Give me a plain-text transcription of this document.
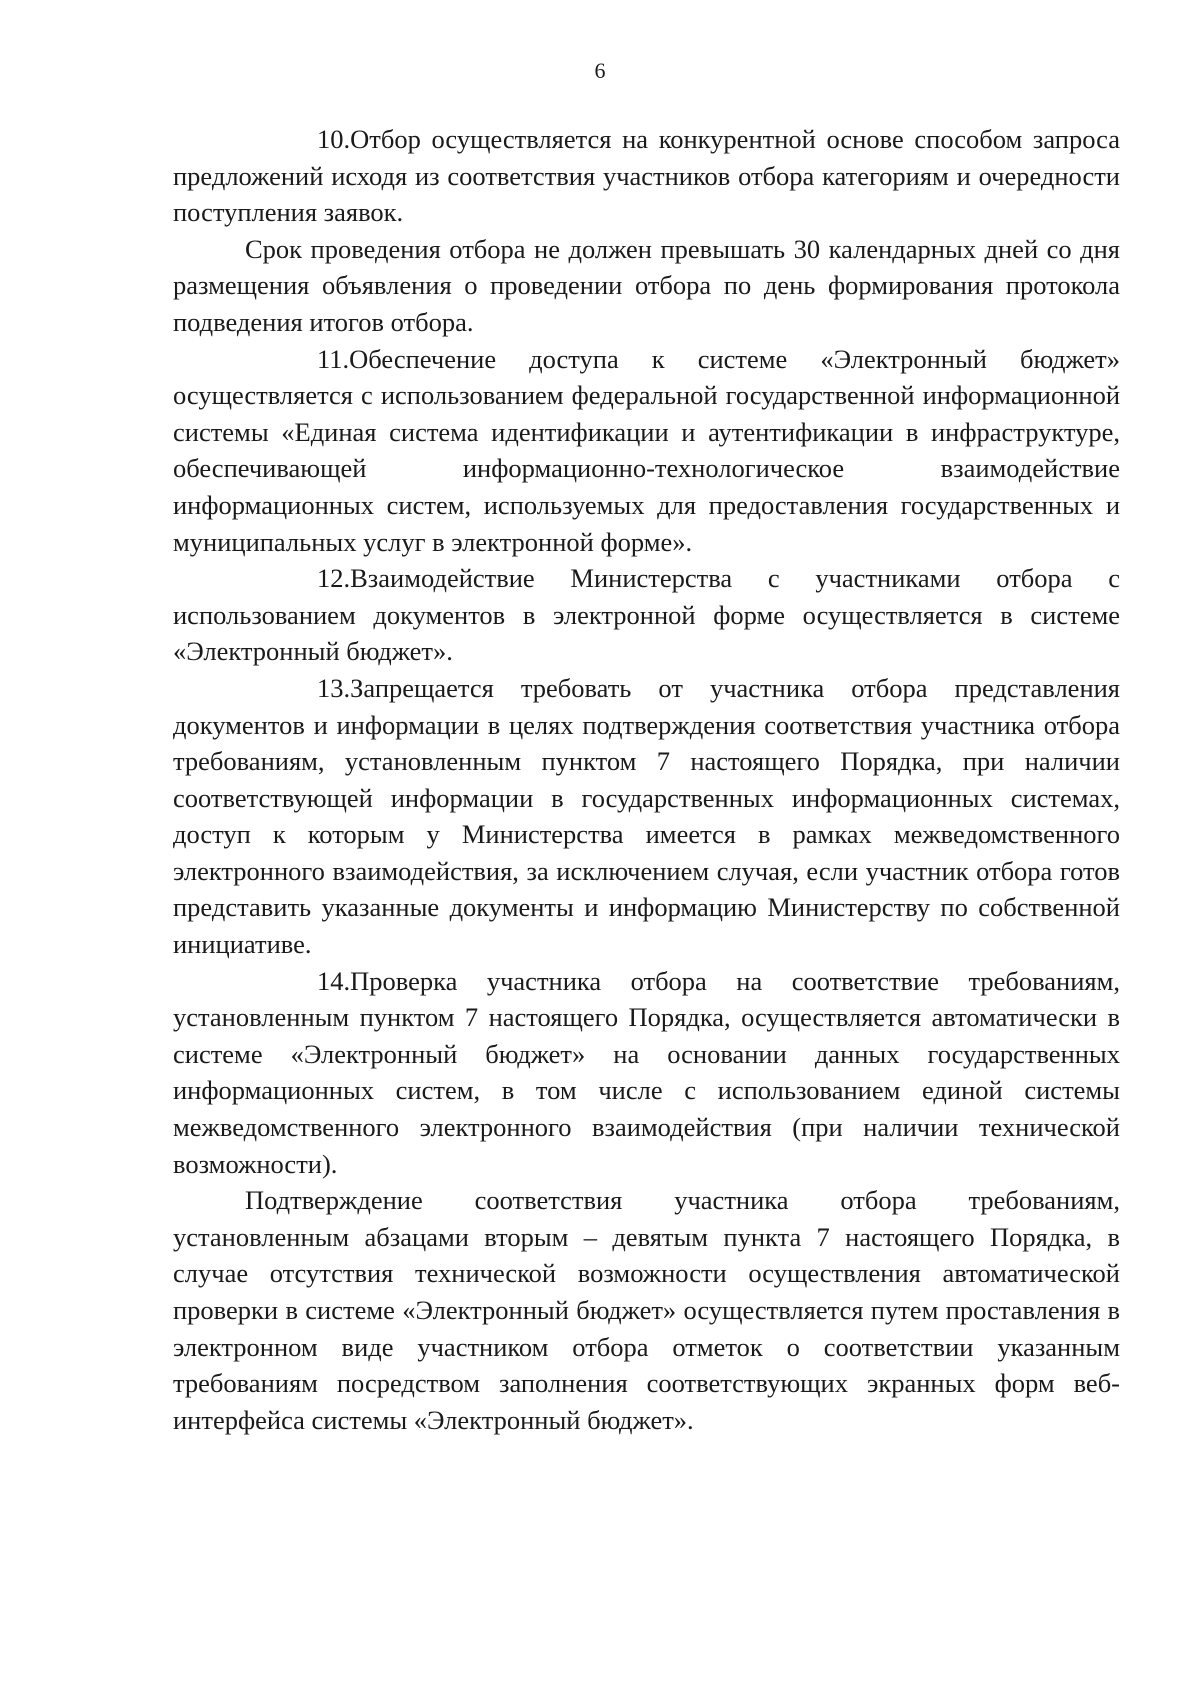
6

10.Отбор осуществляется на конкурентной основе способом запроса предложений исходя из соответствия участников отбора категориям и очередности поступления заявок.

Срок проведения отбора не должен превышать 30 календарных дней со дня размещения объявления о проведении отбора по день формирования протокола подведения итогов отбора.

11.Обеспечение доступа к системе «Электронный бюджет» осуществляется с использованием федеральной государственной информационной системы «Единая система идентификации и аутентификации в инфраструктуре, обеспечивающей информационно-технологическое взаимодействие информационных систем, используемых для предоставления государственных и муниципальных услуг в электронной форме».

12.Взаимодействие Министерства с участниками отбора с использованием документов в электронной форме осуществляется в системе «Электронный бюджет».

13.Запрещается требовать от участника отбора представления документов и информации в целях подтверждения соответствия участника отбора требованиям, установленным пунктом 7 настоящего Порядка, при наличии соответствующей информации в государственных информационных системах, доступ к которым у Министерства имеется в рамках межведомственного электронного взаимодействия, за исключением случая, если участник отбора готов представить указанные документы и информацию Министерству по собственной инициативе.

14.Проверка участника отбора на соответствие требованиям, установленным пунктом 7 настоящего Порядка, осуществляется автоматически в системе «Электронный бюджет» на основании данных государственных информационных систем, в том числе с использованием единой системы межведомственного электронного взаимодействия (при наличии технической возможности).

Подтверждение соответствия участника отбора требованиям, установленным абзацами вторым – девятым пункта 7 настоящего Порядка, в случае отсутствия технической возможности осуществления автоматической проверки в системе «Электронный бюджет» осуществляется путем проставления в электронном виде участником отбора отметок о соответствии указанным требованиям посредством заполнения соответствующих экранных форм веб-интерфейса системы «Электронный бюджет».
